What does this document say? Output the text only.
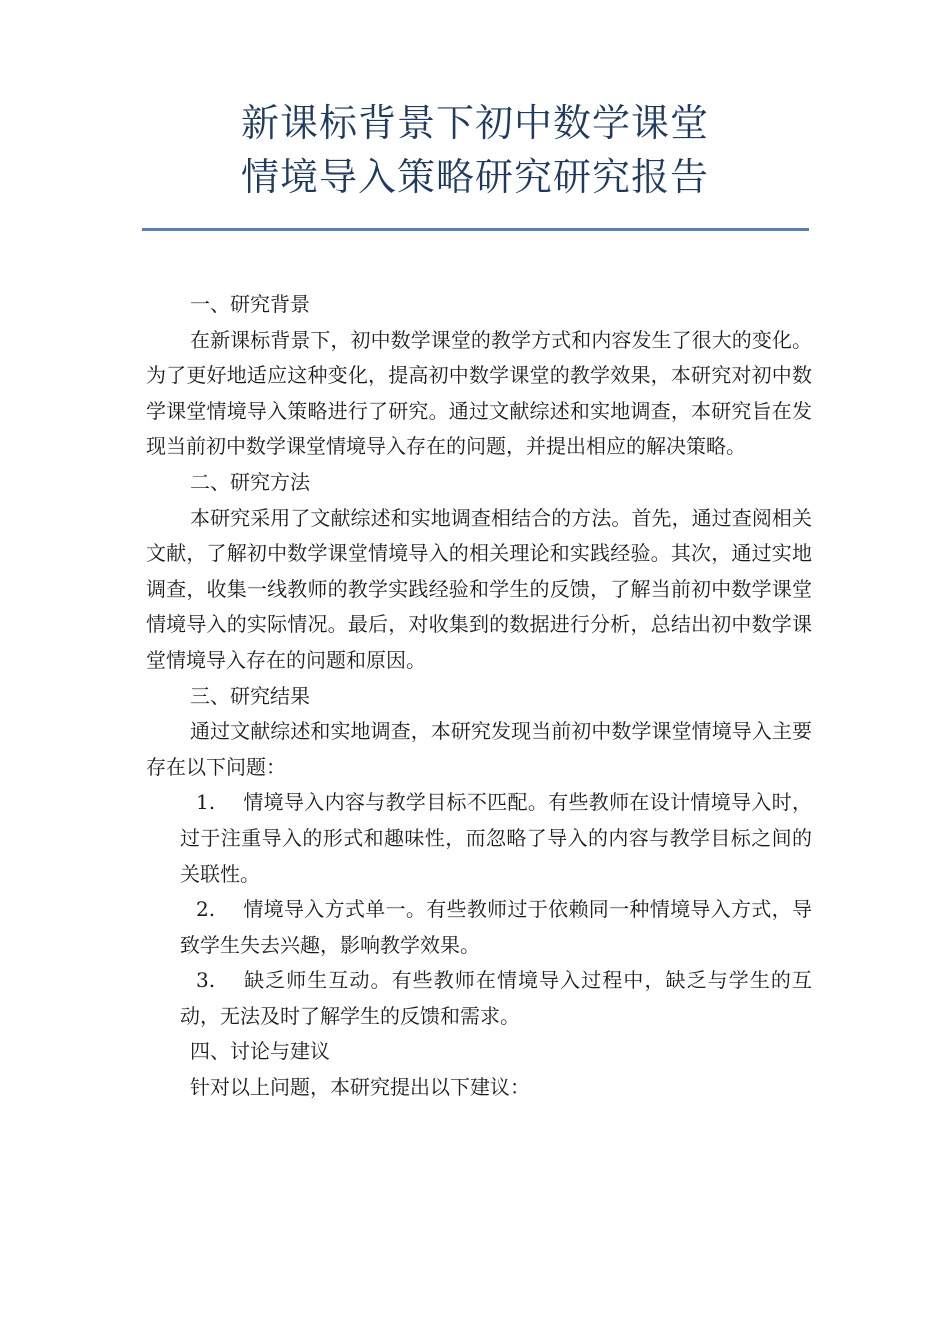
新课标背景下初中数学课堂
情境导入策略研究研究报告

一、研究背景

在新课标背景下，初中数学课堂的教学方式和内容发生了很大的变化。为了更好地适应这种变化，提高初中数学课堂的教学效果，本研究对初中数学课堂情境导入策略进行了研究。通过文献综述和实地调查，本研究旨在发现当前初中数学课堂情境导入存在的问题，并提出相应的解决策略。

二、研究方法

本研究采用了文献综述和实地调查相结合的方法。首先，通过查阅相关文献，了解初中数学课堂情境导入的相关理论和实践经验。其次，通过实地调查，收集一线教师的教学实践经验和学生的反馈，了解当前初中数学课堂情境导入的实际情况。最后，对收集到的数据进行分析，总结出初中数学课堂情境导入存在的问题和原因。

三、研究结果

通过文献综述和实地调查，本研究发现当前初中数学课堂情境导入主要存在以下问题：

1. 情境导入内容与教学目标不匹配。有些教师在设计情境导入时，过于注重导入的形式和趣味性，而忽略了导入的内容与教学目标之间的关联性。

2. 情境导入方式单一。有些教师过于依赖同一种情境导入方式，导致学生失去兴趣，影响教学效果。

3. 缺乏师生互动。有些教师在情境导入过程中，缺乏与学生的互动，无法及时了解学生的反馈和需求。

四、讨论与建议

针对以上问题，本研究提出以下建议：
